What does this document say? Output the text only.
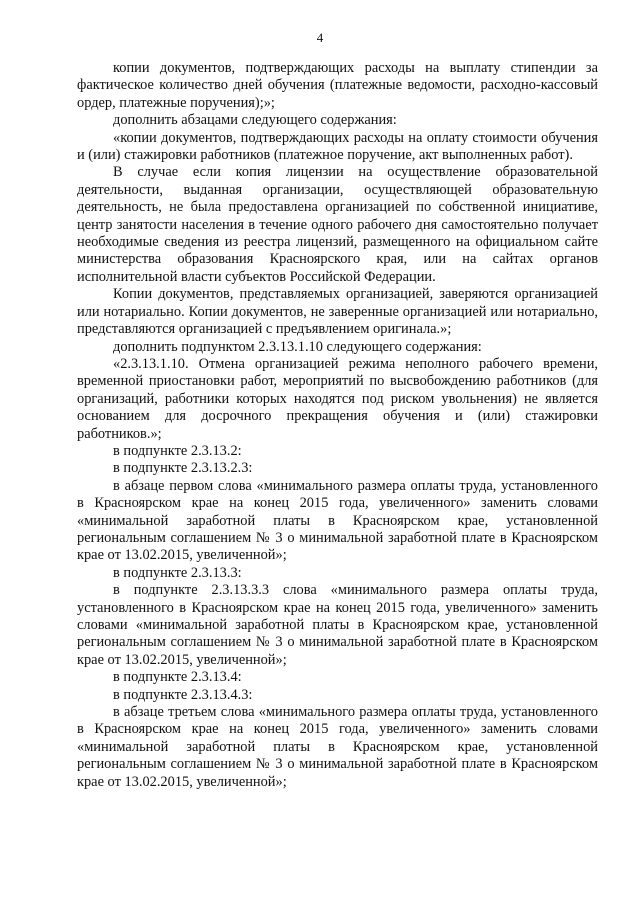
4

копии документов, подтверждающих расходы на выплату стипендии за фактическое количество дней обучения (платежные ведомости, расходно-кассовый ордер, платежные поручения);»;

дополнить абзацами следующего содержания:

«копии документов, подтверждающих расходы на оплату стоимости обучения и (или) стажировки работников (платежное поручение, акт выполненных работ).

В случае если копия лицензии на осуществление образовательной деятельности, выданная организации, осуществляющей образовательную деятельность, не была предоставлена организацией по собственной инициативе, центр занятости населения в течение одного рабочего дня самостоятельно получает необходимые сведения из реестра лицензий, размещенного на официальном сайте министерства образования Красноярского края, или на сайтах органов исполнительной власти субъектов Российской Федерации.

Копии документов, представляемых организацией, заверяются организацией или нотариально. Копии документов, не заверенные организацией или нотариально, представляются организацией с предъявлением оригинала.»;

дополнить подпунктом 2.3.13.1.10 следующего содержания:

«2.3.13.1.10. Отмена организацией режима неполного рабочего времени, временной приостановки работ, мероприятий по высвобождению работников (для организаций, работники которых находятся под риском увольнения) не является основанием для досрочного прекращения обучения и (или) стажировки работников.»;

в подпункте 2.3.13.2:

в подпункте 2.3.13.2.3:

в абзаце первом слова «минимального размера оплаты труда, установленного в Красноярском крае на конец 2015 года, увеличенного» заменить словами «минимальной заработной платы в Красноярском крае, установленной региональным соглашением № 3 о минимальной заработной плате в Красноярском крае от 13.02.2015, увеличенной»;

в подпункте 2.3.13.3:

в подпункте 2.3.13.3.3 слова «минимального размера оплаты труда, установленного в Красноярском крае на конец 2015 года, увеличенного» заменить словами «минимальной заработной платы в Красноярском крае, установленной региональным соглашением № 3 о минимальной заработной плате в Красноярском крае от 13.02.2015, увеличенной»;

в подпункте 2.3.13.4:

в подпункте 2.3.13.4.3:

в абзаце третьем слова «минимального размера оплаты труда, установленного в Красноярском крае на конец 2015 года, увеличенного» заменить словами «минимальной заработной платы в Красноярском крае, установленной региональным соглашением № 3 о минимальной заработной плате в Красноярском крае от 13.02.2015, увеличенной»;
